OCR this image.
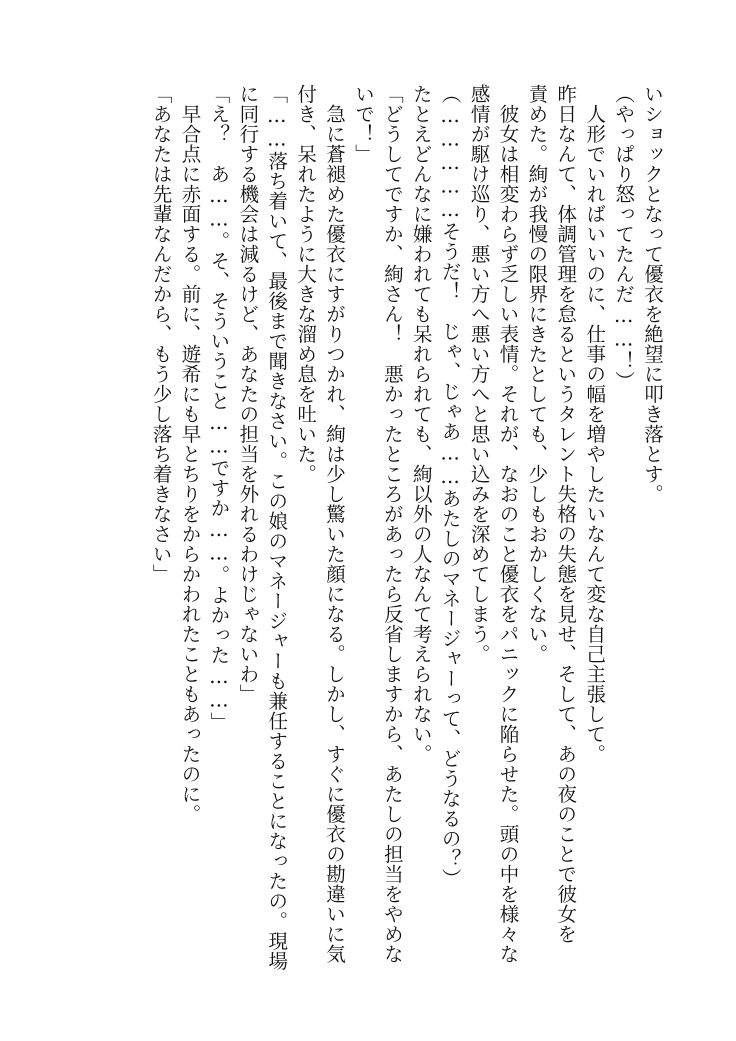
いショックとなって優衣を絶望に叩き落とす。
（やっぱり怒ってたんだ……！）
　人形でいればいいのに、仕事の幅を増やしたいなんて変な自己主張して。
昨日なんて、体調管理を怠るというタレント失格の失態を見せ、そして、あの夜のことで彼女を
責めた。絢が我慢の限界にきたとしても、少しもおかしくない。
　彼女は相変わらず乏しい表情。それが、なおのこと優衣をパニックに陥らせた。頭の中を様々な
感情が駆け巡り、悪い方へ悪い方へと思い込みを深めてしまう。
（……………そうだ！　じゃ、じゃあ……あたしのマネージャーって、どうなるの？）
たとえどんなに嫌われても呆れられても、絢以外の人なんて考えられない。
「どうしてですか、絢さん！　悪かったところがあったら反省しますから、あたしの担当をやめな
いで！」
　急に蒼褪めた優衣にすがりつかれ、絢は少し驚いた顔になる。しかし、すぐに優衣の勘違いに気
付き、呆れたように大きな溜め息を吐いた。
「……落ち着いて、最後まで聞きなさい。この娘のマネージャーも兼任することになったの。現場
に同行する機会は減るけど、あなたの担当を外れるわけじゃないわ」
「え？　あ……。そ、そういうこと……ですか……。よかった……」
　早合点に赤面する。前に、遊希にも早とちりをからかわれたこともあったのに。
「あなたは先輩なんだから、もう少し落ち着きなさい」
